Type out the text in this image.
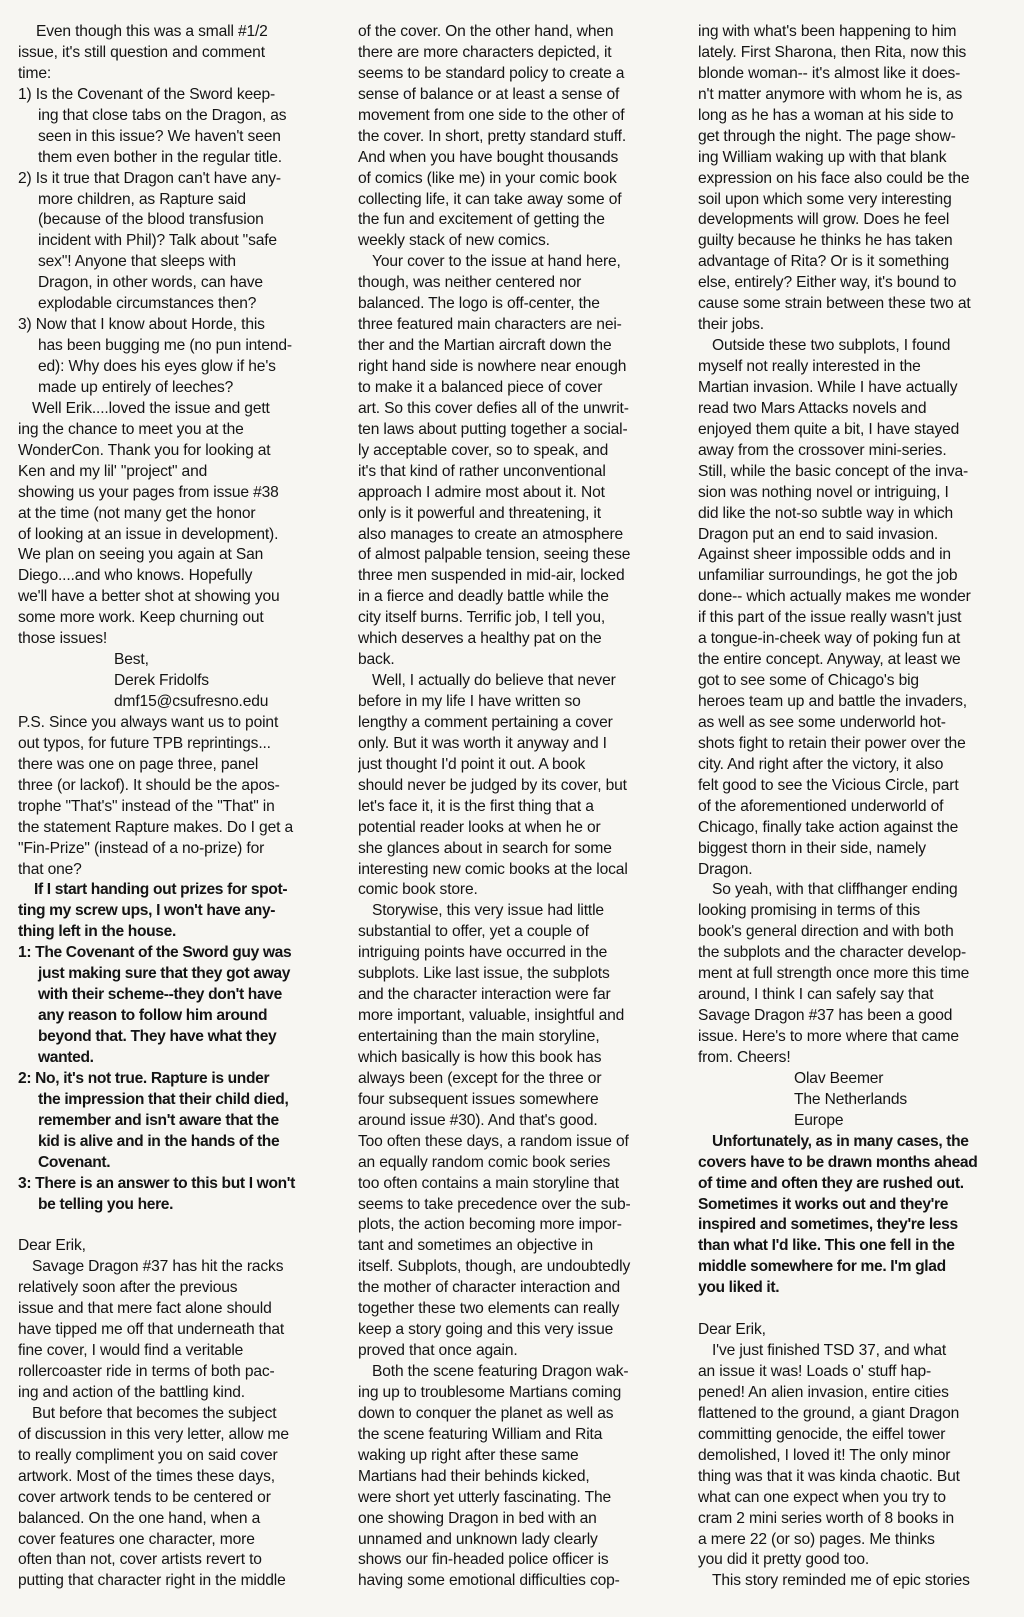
Even though this was a small #1/2
issue, it's still question and comment
time:
1) Is the Covenant of the Sword keep-
ing that close tabs on the Dragon, as
seen in this issue? We haven't seen
them even bother in the regular title.
2) Is it true that Dragon can't have any-
more children, as Rapture said
(because of the blood transfusion
incident with Phil)? Talk about "safe
sex"! Anyone that sleeps with
Dragon, in other words, can have
explodable circumstances then?
3) Now that I know about Horde, this
has been bugging me (no pun intend-
ed): Why does his eyes glow if he's
made up entirely of leeches?
Well Erik....loved the issue and gett
ing the chance to meet you at the
WonderCon. Thank you for looking at
Ken and my lil' "project" and
showing us your pages from issue #38
at the time (not many get the honor
of looking at an issue in development).
We plan on seeing you again at San
Diego....and who knows. Hopefully
we'll have a better shot at showing you
some more work. Keep churning out
those issues!
Best,
Derek Fridolfs
dmf15@csufresno.edu
P.S. Since you always want us to point
out typos, for future TPB reprintings...
there was one on page three, panel
three (or lackof). It should be the apos-
trophe "That's" instead of the "That" in
the statement Rapture makes. Do I get a
"Fin-Prize" (instead of a no-prize) for
that one?
If I start handing out prizes for spot-
ting my screw ups, I won't have any-
thing left in the house.
1: The Covenant of the Sword guy was
just making sure that they got away
with their scheme--they don't have
any reason to follow him around
beyond that. They have what they
wanted.
2: No, it's not true. Rapture is under
the impression that their child died,
remember and isn't aware that the
kid is alive and in the hands of the
Covenant.
3: There is an answer to this but I won't
be telling you here.
Dear Erik,
Savage Dragon #37 has hit the racks
relatively soon after the previous
issue and that mere fact alone should
have tipped me off that underneath that
fine cover, I would find a veritable
rollercoaster ride in terms of both pac-
ing and action of the battling kind.
But before that becomes the subject
of discussion in this very letter, allow me
to really compliment you on said cover
artwork. Most of the times these days,
cover artwork tends to be centered or
balanced. On the one hand, when a
cover features one character, more
often than not, cover artists revert to
putting that character right in the middle
of the cover. On the other hand, when
there are more characters depicted, it
seems to be standard policy to create a
sense of balance or at least a sense of
movement from one side to the other of
the cover. In short, pretty standard stuff.
And when you have bought thousands
of comics (like me) in your comic book
collecting life, it can take away some of
the fun and excitement of getting the
weekly stack of new comics.
Your cover to the issue at hand here,
though, was neither centered nor
balanced. The logo is off-center, the
three featured main characters are nei-
ther and the Martian aircraft down the
right hand side is nowhere near enough
to make it a balanced piece of cover
art. So this cover defies all of the unwrit-
ten laws about putting together a social-
ly acceptable cover, so to speak, and
it's that kind of rather unconventional
approach I admire most about it. Not
only is it powerful and threatening, it
also manages to create an atmosphere
of almost palpable tension, seeing these
three men suspended in mid-air, locked
in a fierce and deadly battle while the
city itself burns. Terrific job, I tell you,
which deserves a healthy pat on the
back.
Well, I actually do believe that never
before in my life I have written so
lengthy a comment pertaining a cover
only. But it was worth it anyway and I
just thought I'd point it out. A book
should never be judged by its cover, but
let's face it, it is the first thing that a
potential reader looks at when he or
she glances about in search for some
interesting new comic books at the local
comic book store.
Storywise, this very issue had little
substantial to offer, yet a couple of
intriguing points have occurred in the
subplots. Like last issue, the subplots
and the character interaction were far
more important, valuable, insightful and
entertaining than the main storyline,
which basically is how this book has
always been (except for the three or
four subsequent issues somewhere
around issue #30). And that's good.
Too often these days, a random issue of
an equally random comic book series
too often contains a main storyline that
seems to take precedence over the sub-
plots, the action becoming more impor-
tant and sometimes an objective in
itself. Subplots, though, are undoubtedly
the mother of character interaction and
together these two elements can really
keep a story going and this very issue
proved that once again.
Both the scene featuring Dragon wak-
ing up to troublesome Martians coming
down to conquer the planet as well as
the scene featuring William and Rita
waking up right after these same
Martians had their behinds kicked,
were short yet utterly fascinating. The
one showing Dragon in bed with an
unnamed and unknown lady clearly
shows our fin-headed police officer is
having some emotional difficulties cop-
ing with what's been happening to him
lately. First Sharona, then Rita, now this
blonde woman-- it's almost like it does-
n't matter anymore with whom he is, as
long as he has a woman at his side to
get through the night. The page show-
ing William waking up with that blank
expression on his face also could be the
soil upon which some very interesting
developments will grow. Does he feel
guilty because he thinks he has taken
advantage of Rita? Or is it something
else, entirely? Either way, it's bound to
cause some strain between these two at
their jobs.
Outside these two subplots, I found
myself not really interested in the
Martian invasion. While I have actually
read two Mars Attacks novels and
enjoyed them quite a bit, I have stayed
away from the crossover mini-series.
Still, while the basic concept of the inva-
sion was nothing novel or intriguing, I
did like the not-so subtle way in which
Dragon put an end to said invasion.
Against sheer impossible odds and in
unfamiliar surroundings, he got the job
done-- which actually makes me wonder
if this part of the issue really wasn't just
a tongue-in-cheek way of poking fun at
the entire concept. Anyway, at least we
got to see some of Chicago's big
heroes team up and battle the invaders,
as well as see some underworld hot-
shots fight to retain their power over the
city. And right after the victory, it also
felt good to see the Vicious Circle, part
of the aforementioned underworld of
Chicago, finally take action against the
biggest thorn in their side, namely
Dragon.
So yeah, with that cliffhanger ending
looking promising in terms of this
book's general direction and with both
the subplots and the character develop-
ment at full strength once more this time
around, I think I can safely say that
Savage Dragon #37 has been a good
issue. Here's to more where that came
from. Cheers!
Olav Beemer
The Netherlands
Europe
Unfortunately, as in many cases, the
covers have to be drawn months ahead
of time and often they are rushed out.
Sometimes it works out and they're
inspired and sometimes, they're less
than what I'd like. This one fell in the
middle somewhere for me. I'm glad
you liked it.
Dear Erik,
I've just finished TSD 37, and what
an issue it was! Loads o' stuff hap-
pened! An alien invasion, entire cities
flattened to the ground, a giant Dragon
committing genocide, the eiffel tower
demolished, I loved it! The only minor
thing was that it was kinda chaotic. But
what can one expect when you try to
cram 2 mini series worth of 8 books in
a mere 22 (or so) pages. Me thinks
you did it pretty good too.
This story reminded me of epic stories
